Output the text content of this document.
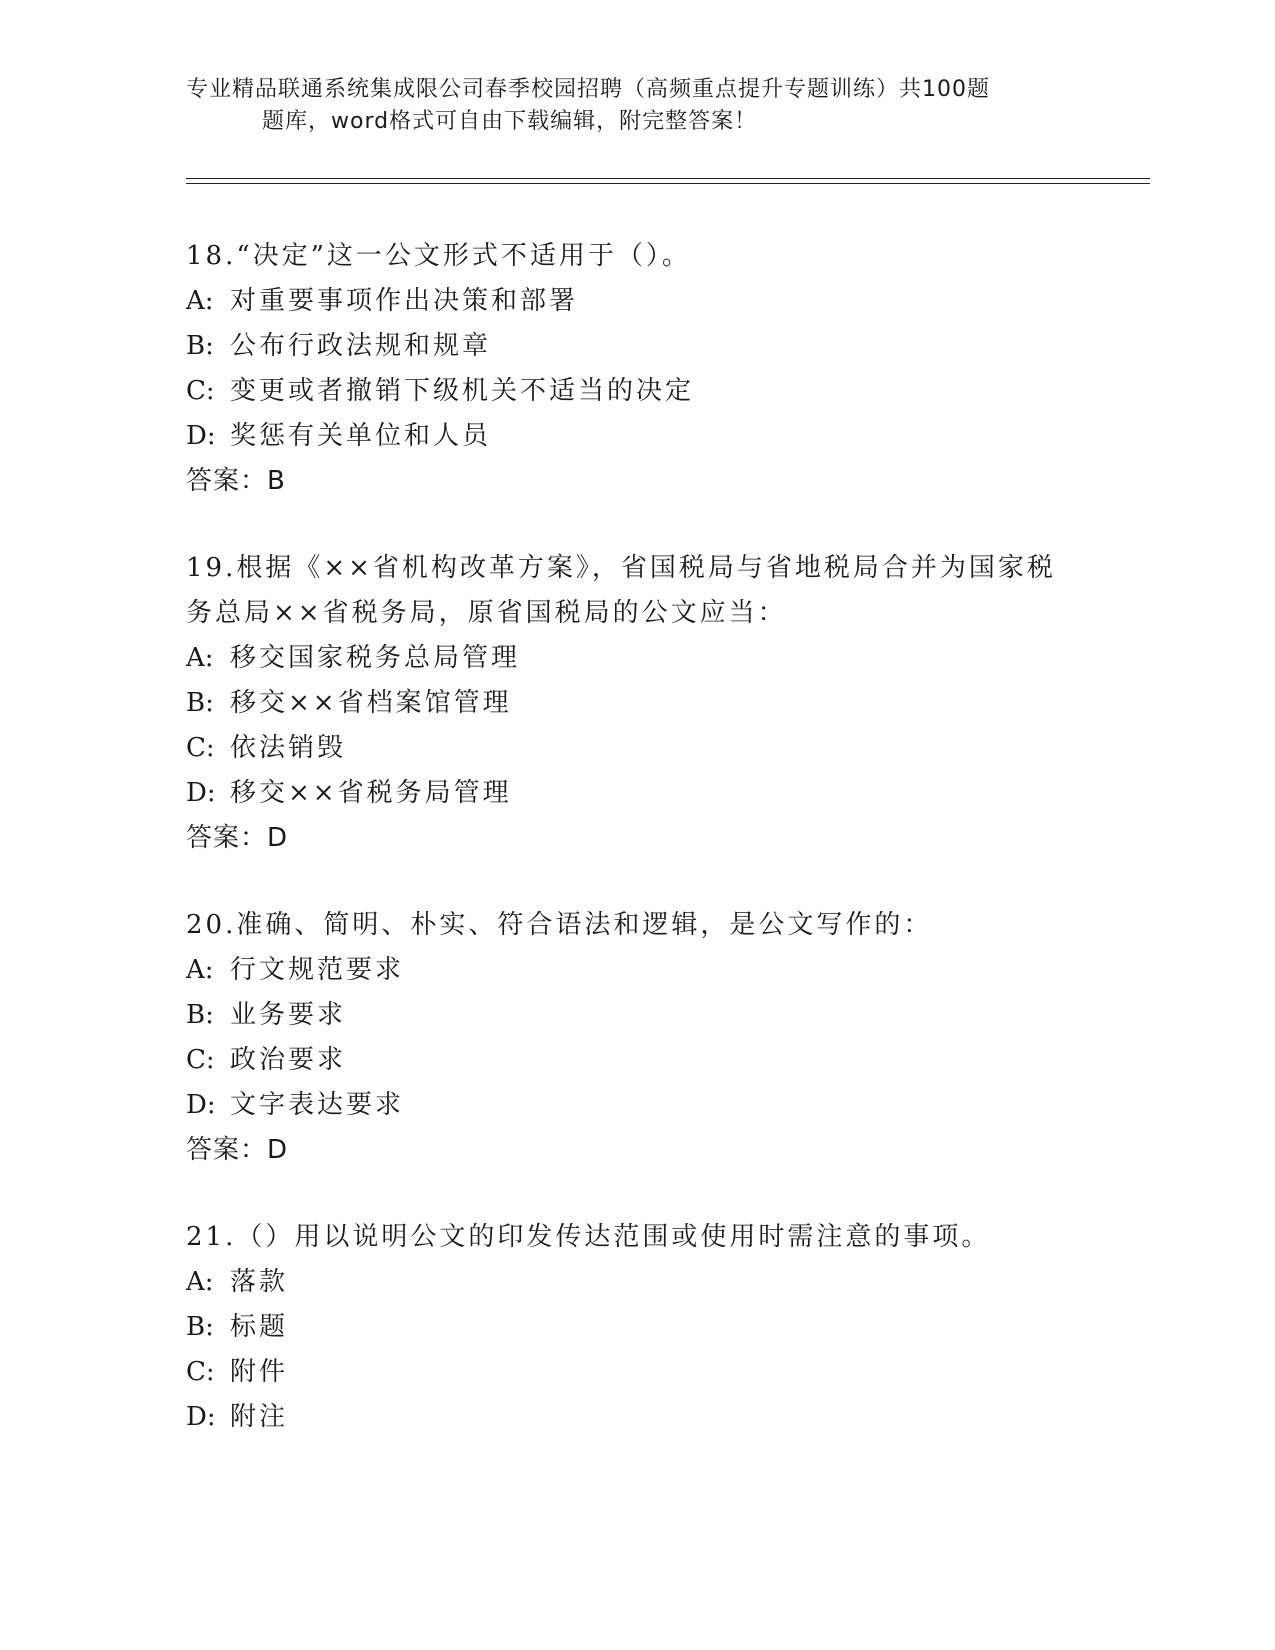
专业精品联通系统集成限公司春季校园招聘（高频重点提升专题训练）共100题
题库，word格式可自由下载编辑，附完整答案！
18.“决定”这一公文形式不适用于（）。
A: 对重要事项作出决策和部署
B: 公布行政法规和规章
C: 变更或者撤销下级机关不适当的决定
D: 奖惩有关单位和人员
答案：B
19.根据《××省机构改革方案》，省国税局与省地税局合并为国家税
务总局××省税务局，原省国税局的公文应当：
A: 移交国家税务总局管理
B: 移交××省档案馆管理
C: 依法销毁
D: 移交××省税务局管理
答案：D
20.准确、简明、朴实、符合语法和逻辑，是公文写作的：
A: 行文规范要求
B: 业务要求
C: 政治要求
D: 文字表达要求
答案：D
21.（）用以说明公文的印发传达范围或使用时需注意的事项。
A: 落款
B: 标题
C: 附件
D: 附注
